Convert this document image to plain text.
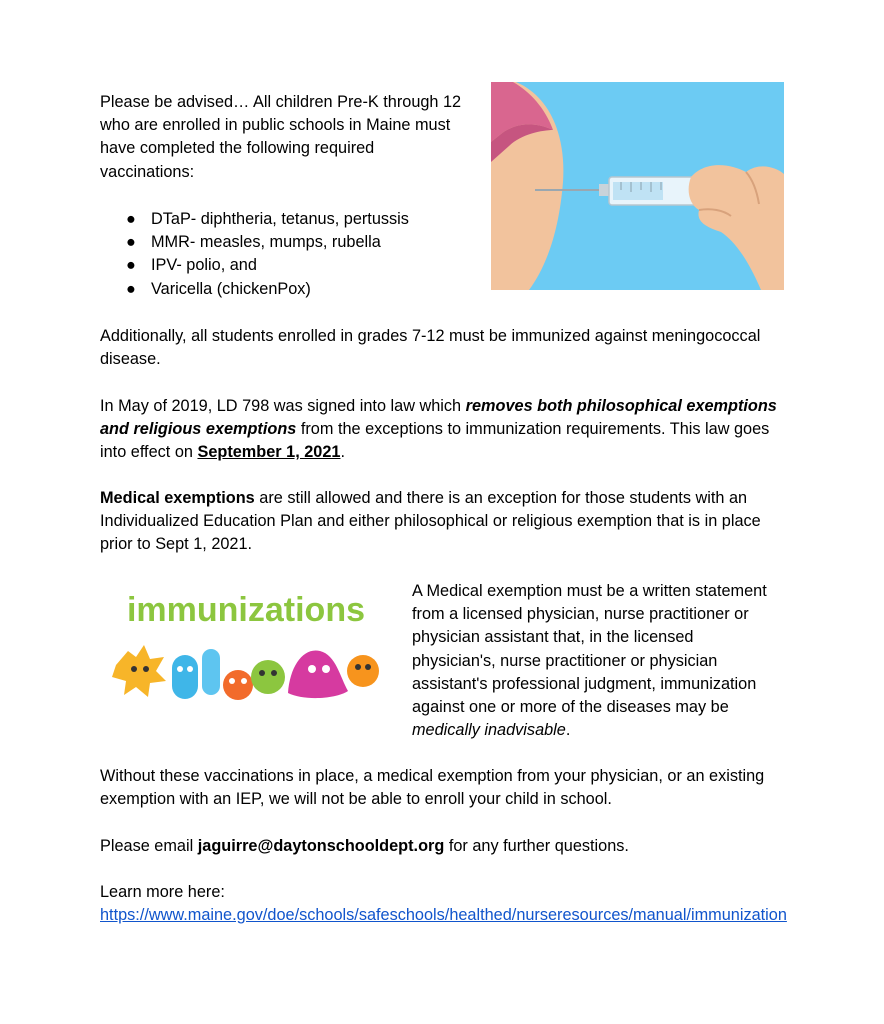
Please be advised… All children Pre-K through 12 who are enrolled in public schools in Maine must have completed the following required vaccinations:

● DTaP- diphtheria, tetanus, pertussis
● MMR- measles, mumps, rubella
● IPV- polio, and
● Varicella (chickenPox)

Additionally, all students enrolled in grades 7-12 must be immunized against meningococcal disease.

In May of 2019, LD 798 was signed into law which removes both philosophical exemptions and religious exemptions from the exceptions to immunization requirements. This law goes into effect on September 1, 2021.

Medical exemptions are still allowed and there is an exception for those students with an Individualized Education Plan and either philosophical or religious exemption that is in place prior to Sept 1, 2021.

immunizations	A Medical exemption must be a written statement from a licensed physician, nurse practitioner or physician assistant that, in the licensed physician's, nurse practitioner or physician assistant's professional judgment, immunization against one or more of the diseases may be medically inadvisable.

Without these vaccinations in place, a medical exemption from your physician, or an existing exemption with an IEP, we will not be able to enroll your child in school.

Please email jaguirre@daytonschooldept.org for any further questions.

Learn more here:

https://www.maine.gov/doe/schools/safeschools/healthed/nurseresources/manual/immunization
